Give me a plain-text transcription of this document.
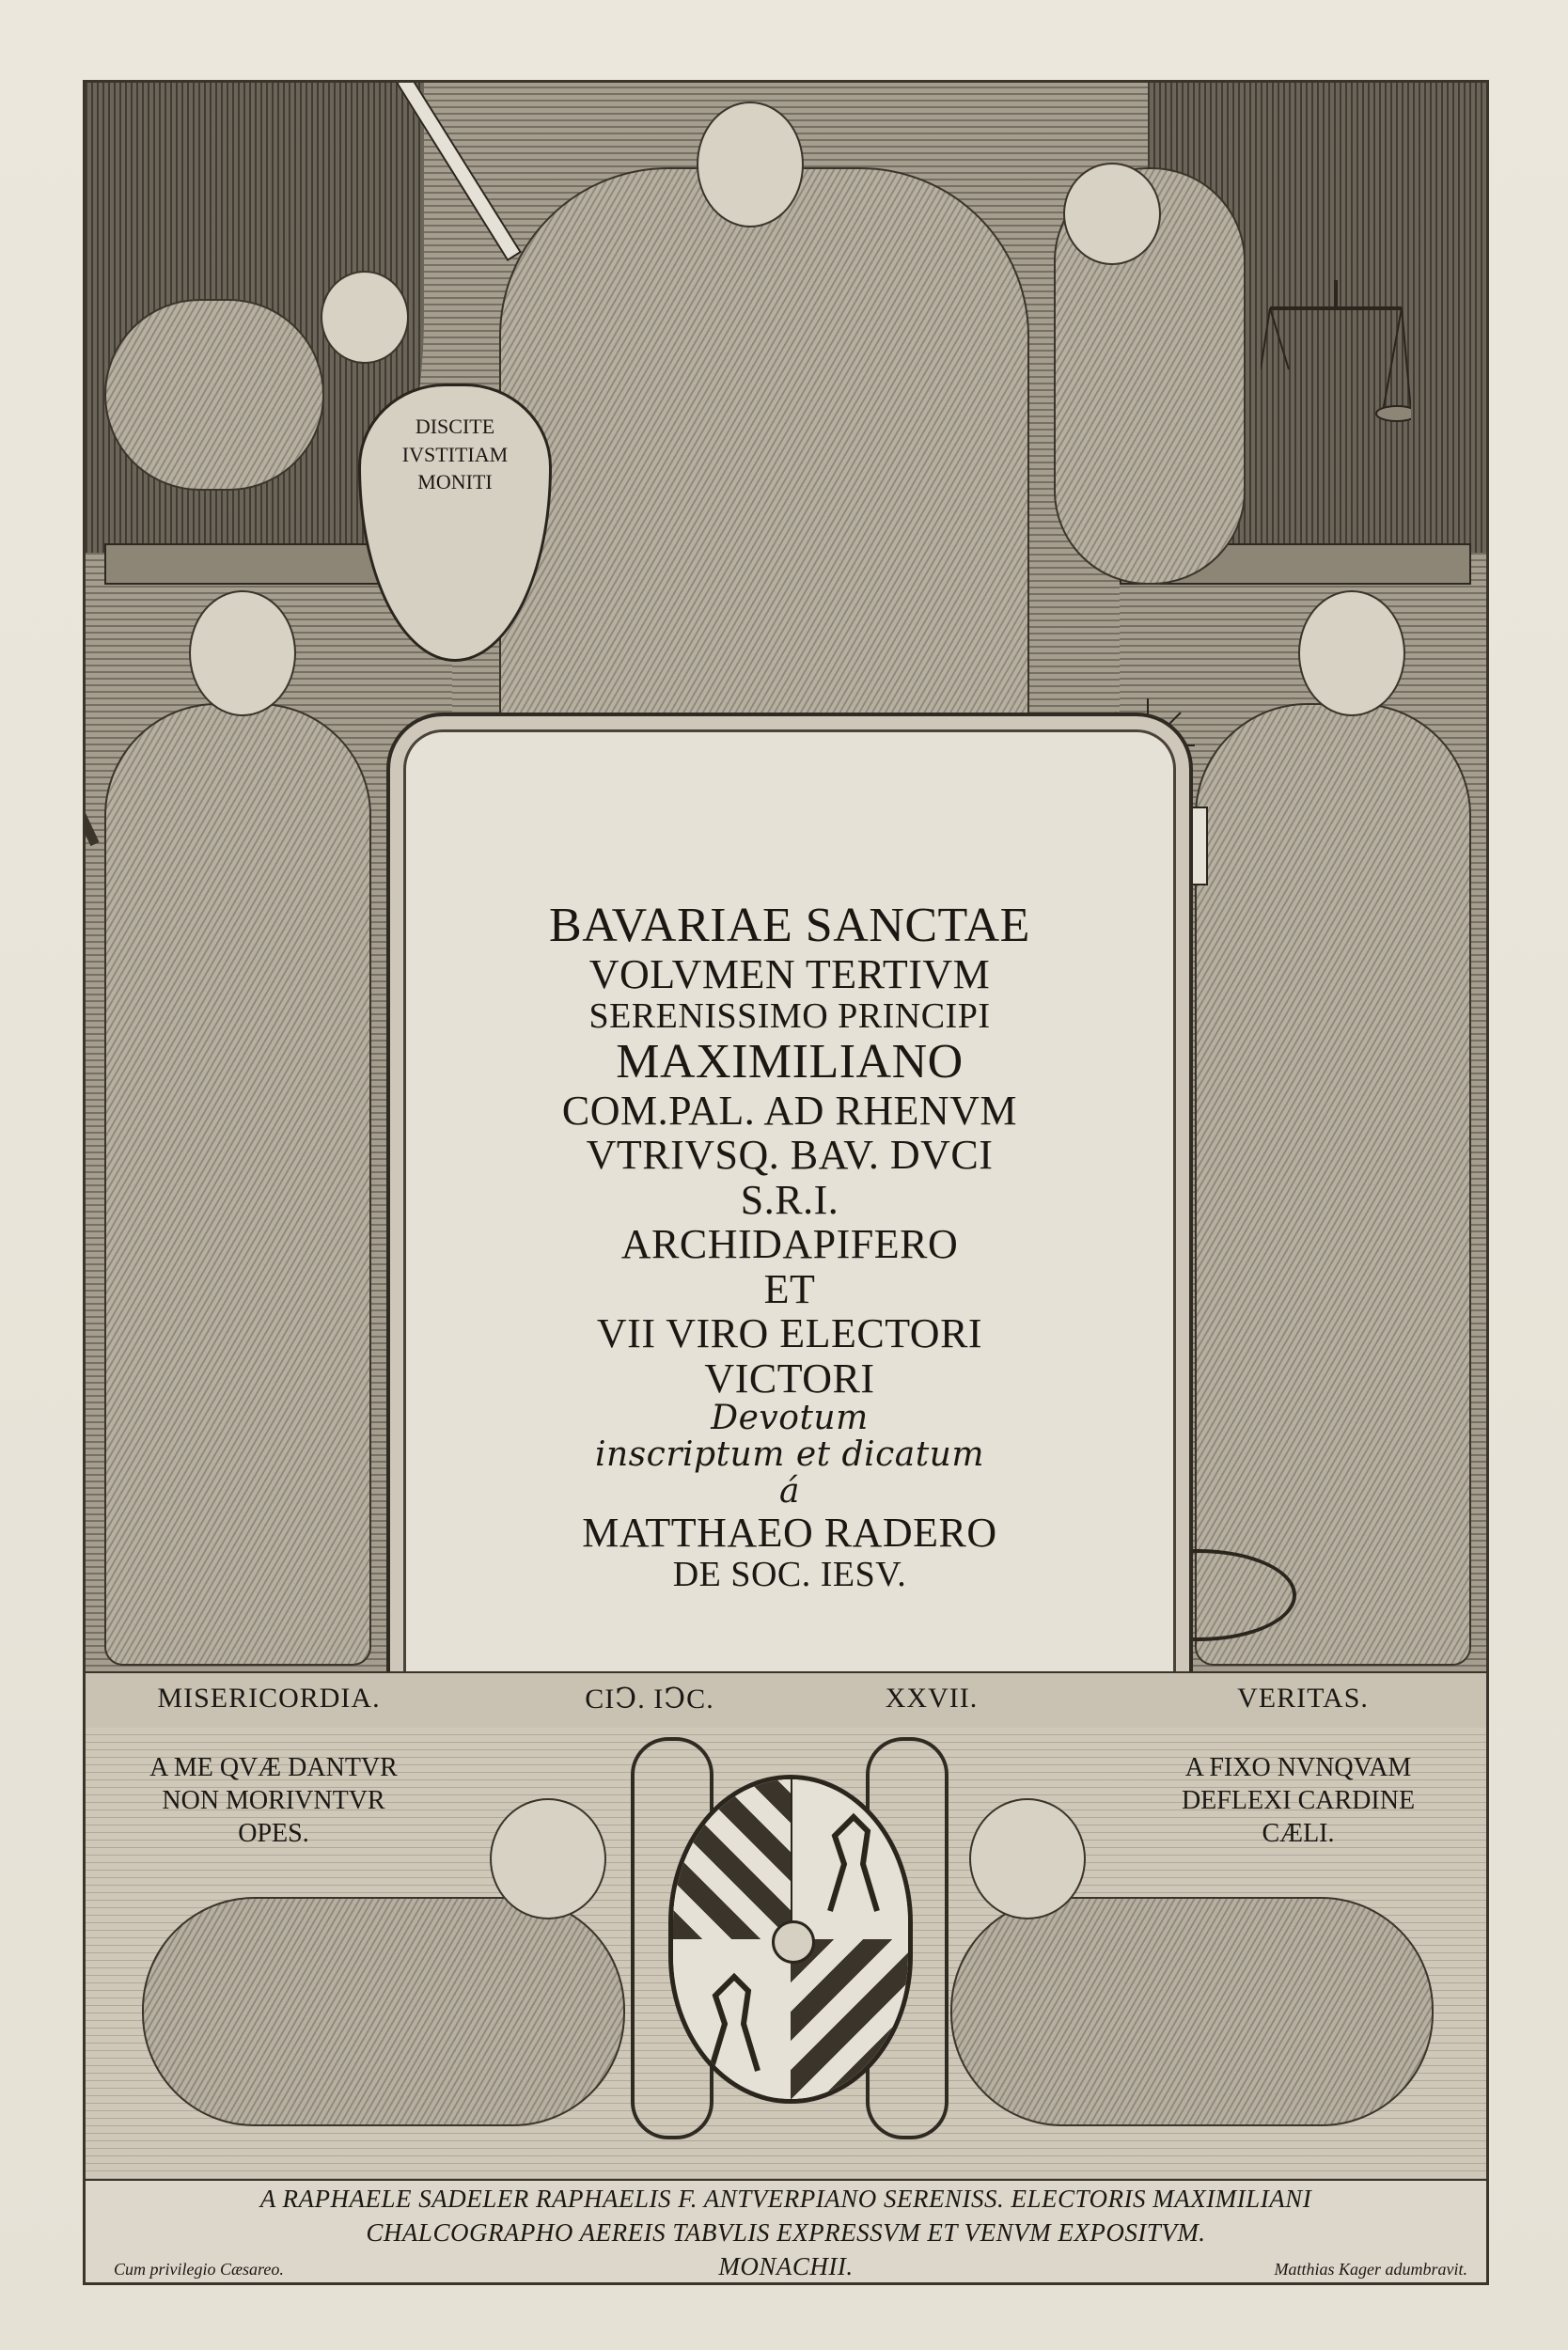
DISCITE
IVSTITIAM
MONITI
BAVARIAE SANCTAE
VOLVMEN TERTIVM
SERENISSIMO PRINCIPI
MAXIMILIANO
COM.PAL. AD RHENVM
VTRIVSQ. BAV. DVCI
S.R.I.
ARCHIDAPIFERO
ET
VII VIRO ELECTORI
VICTORI
Devotum
inscriptum et dicatum
á
MATTHAEO RADERO
DE SOC. IESV.
MISERICORDIA.	CIↃ. IↃC.	XXVII.	VERITAS.
A ME QVÆ DANTVR
NON MORIVNTVR
OPES.
A FIXO NVNQVAM
DEFLEXI CARDINE
CÆLI.
A RAPHAELE SADELER RAPHAELIS F. ANTVERPIANO SERENISS. ELECTORIS MAXIMILIANI
CHALCOGRAPHO AEREIS TABVLIS EXPRESSVM ET VENVM EXPOSITVM.
MONACHII.
Cum privilegio Cæsareo.	Matthias Kager adumbravit.
